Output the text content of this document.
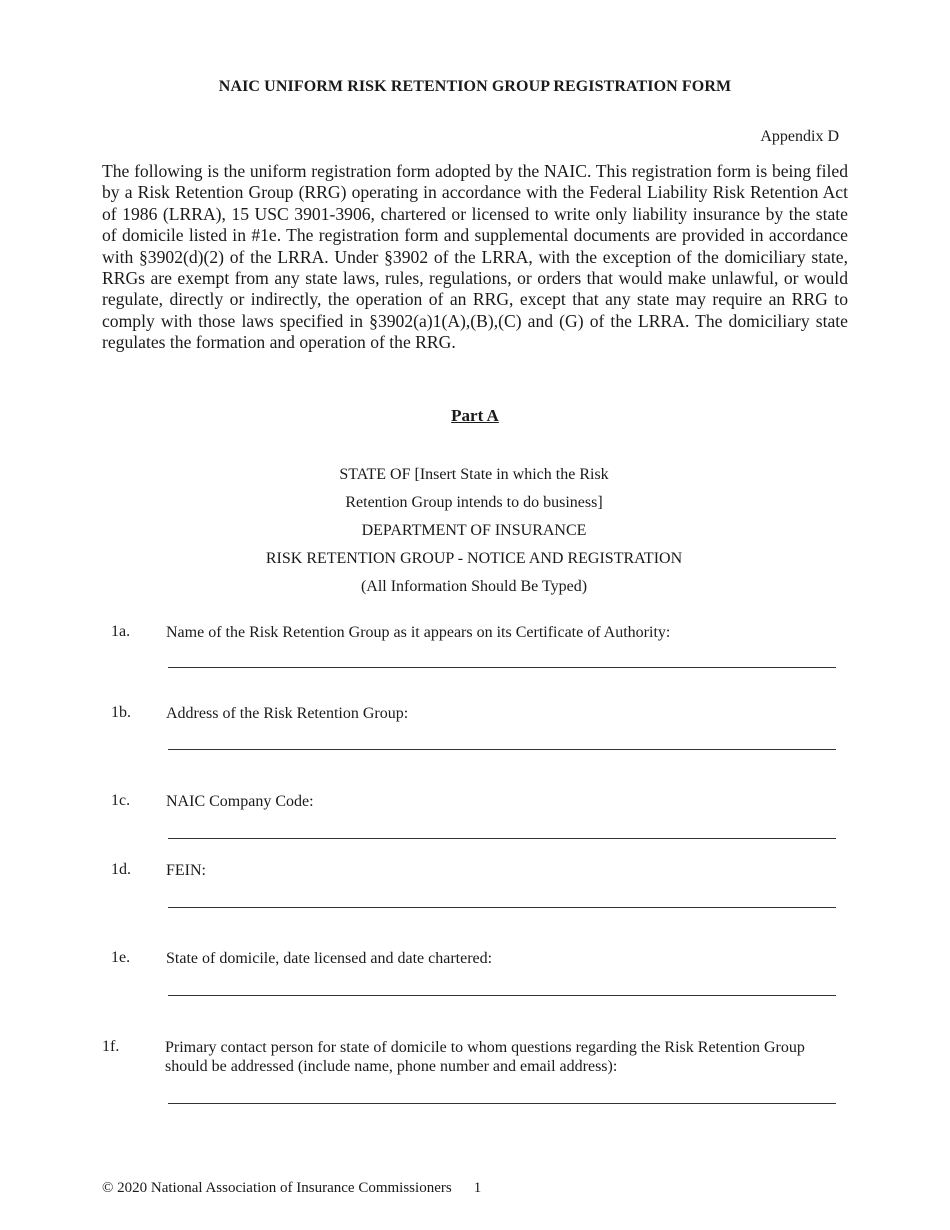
NAIC UNIFORM RISK RETENTION GROUP REGISTRATION FORM
Appendix D

The following is the uniform registration form adopted by the NAIC. This registration form is being filed by a Risk Retention Group (RRG) operating in accordance with the Federal Liability Risk Retention Act of 1986 (LRRA), 15 USC 3901-3906, chartered or licensed to write only liability insurance by the state of domicile listed in #1e. The registration form and supplemental documents are provided in accordance with §3902(d)(2) of the LRRA. Under §3902 of the LRRA, with the exception of the domiciliary state, RRGs are exempt from any state laws, rules, regulations, or orders that would make unlawful, or would regulate, directly or indirectly, the operation of an RRG, except that any state may require an RRG to comply with those laws specified in §3902(a)1(A),(B),(C) and (G) of the LRRA. The domiciliary state regulates the formation and operation of the RRG.

Part A
STATE OF [Insert State in which the Risk
Retention Group intends to do business]
DEPARTMENT OF INSURANCE
RISK RETENTION GROUP - NOTICE AND REGISTRATION
(All Information Should Be Typed)
1a. Name of the Risk Retention Group as it appears on its Certificate of Authority:
1b. Address of the Risk Retention Group:
1c. NAIC Company Code:
1d. FEIN:
1e. State of domicile, date licensed and date chartered:
1f.	Primary contact person for state of domicile to whom questions regarding the Risk Retention Group should be addressed (include name, phone number and email address):
© 2020 National Association of Insurance Commissioners 1
